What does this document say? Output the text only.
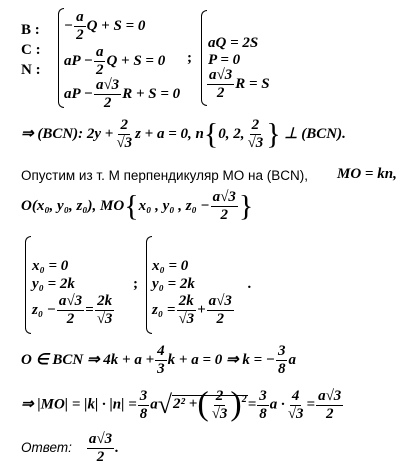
B :
C :
N :
− $\frac{a}{2}$ Q + S = 0
aP − $\frac{a}{2}$ Q + S = 0
aP − $\frac{a√3}{2}$ R + S = 0
;
aQ = 2S
P = 0
$\frac{a√3}{2}$ R = S
⇒ (BCN): $2y + \frac{2}{√3}$ z + a = 0, n{0, 2, $\frac{2}{√3}$ } ⊥ (BCN).
Опустим из т. M перпендикуляр MO на (BCN), MO = kn,
O(x₀, y₀, z₀), MO{x₀ , y₀ , $z_0 - \frac{a√3}{2}$ }
x₀ = 0
y₀ = 2k
$z_0 - \frac{a√3}{2} = \frac{2k}{√3}$
;
x₀ = 0
y₀ = 2k
$z_0 = \frac{2k}{√3} + \frac{a√3}{2}$
.
O ∈ BCN ⇒ $4k + a + \frac{4}{3}$ k + a = 0 ⇒ k = − $\frac{3}{8}$ a
⇒ $|MO| = |k| \cdot |n| = \frac{3}{8} a√2^2$ +( $\frac{2}{√3} )^2= \frac{3}{8}$ $a \cdot \frac{4}{√3} = \frac{a√3}{2}$
Ответ: $\frac{a√3}{2}$ .
